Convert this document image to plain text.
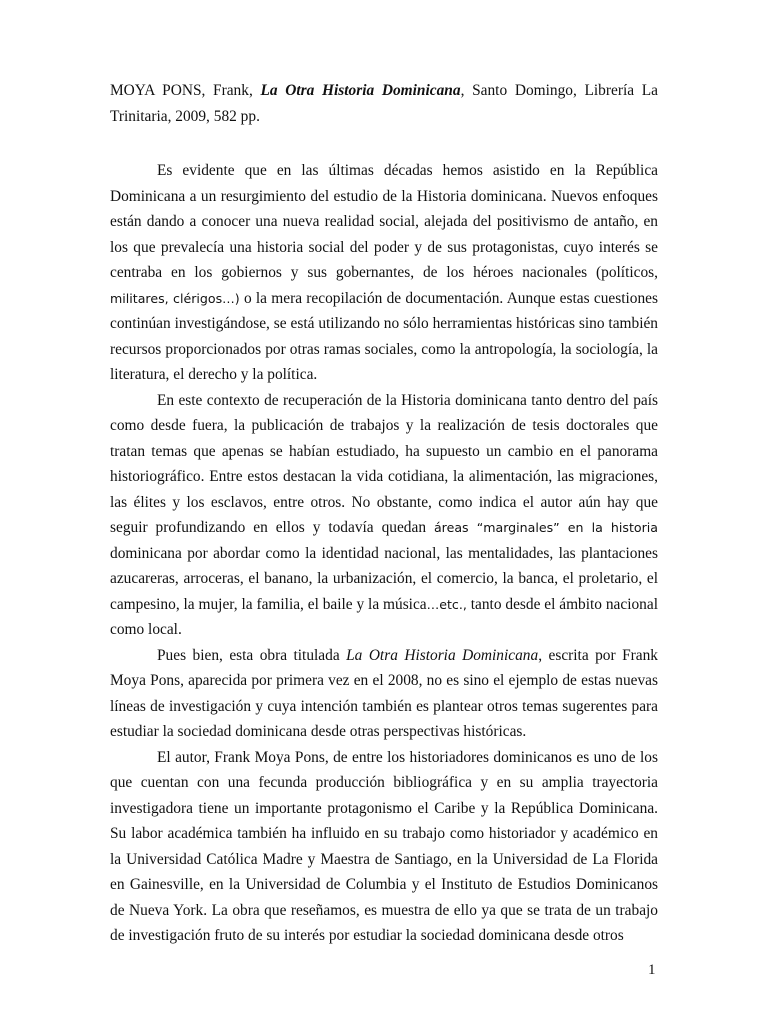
MOYA PONS, Frank, La Otra Historia Dominicana, Santo Domingo, Librería La Trinitaria, 2009, 582 pp.

Es evidente que en las últimas décadas hemos asistido en la República Dominicana a un resurgimiento del estudio de la Historia dominicana. Nuevos enfoques están dando a conocer una nueva realidad social, alejada del positivismo de antaño, en los que prevalecía una historia social del poder y de sus protagonistas, cuyo interés se centraba en los gobiernos y sus gobernantes, de los héroes nacionales (políticos, militares, clérigos…) o la mera recopilación de documentación. Aunque estas cuestiones continúan investigándose, se está utilizando no sólo herramientas históricas sino también recursos proporcionados por otras ramas sociales, como la antropología, la sociología, la literatura, el derecho y la política.

En este contexto de recuperación de la Historia dominicana tanto dentro del país como desde fuera, la publicación de trabajos y la realización de tesis doctorales que tratan temas que apenas se habían estudiado, ha supuesto un cambio en el panorama historiográfico. Entre estos destacan la vida cotidiana, la alimentación, las migraciones, las élites y los esclavos, entre otros. No obstante, como indica el autor aún hay que seguir profundizando en ellos y todavía quedan áreas “marginales” en la historia dominicana por abordar como la identidad nacional, las mentalidades, las plantaciones azucareras, arroceras, el banano, la urbanización, el comercio, la banca, el proletario, el campesino, la mujer, la familia, el baile y la música…etc., tanto desde el ámbito nacional como local.

Pues bien, esta obra titulada La Otra Historia Dominicana, escrita por Frank Moya Pons, aparecida por primera vez en el 2008, no es sino el ejemplo de estas nuevas líneas de investigación y cuya intención también es plantear otros temas sugerentes para estudiar la sociedad dominicana desde otras perspectivas históricas.

El autor, Frank Moya Pons, de entre los historiadores dominicanos es uno de los que cuentan con una fecunda producción bibliográfica y en su amplia trayectoria investigadora tiene un importante protagonismo el Caribe y la República Dominicana. Su labor académica también ha influido en su trabajo como historiador y académico en la Universidad Católica Madre y Maestra de Santiago, en la Universidad de La Florida en Gainesville, en la Universidad de Columbia y el Instituto de Estudios Dominicanos de Nueva York. La obra que reseñamos, es muestra de ello ya que se trata de un trabajo de investigación fruto de su interés por estudiar la sociedad dominicana desde otros

1
